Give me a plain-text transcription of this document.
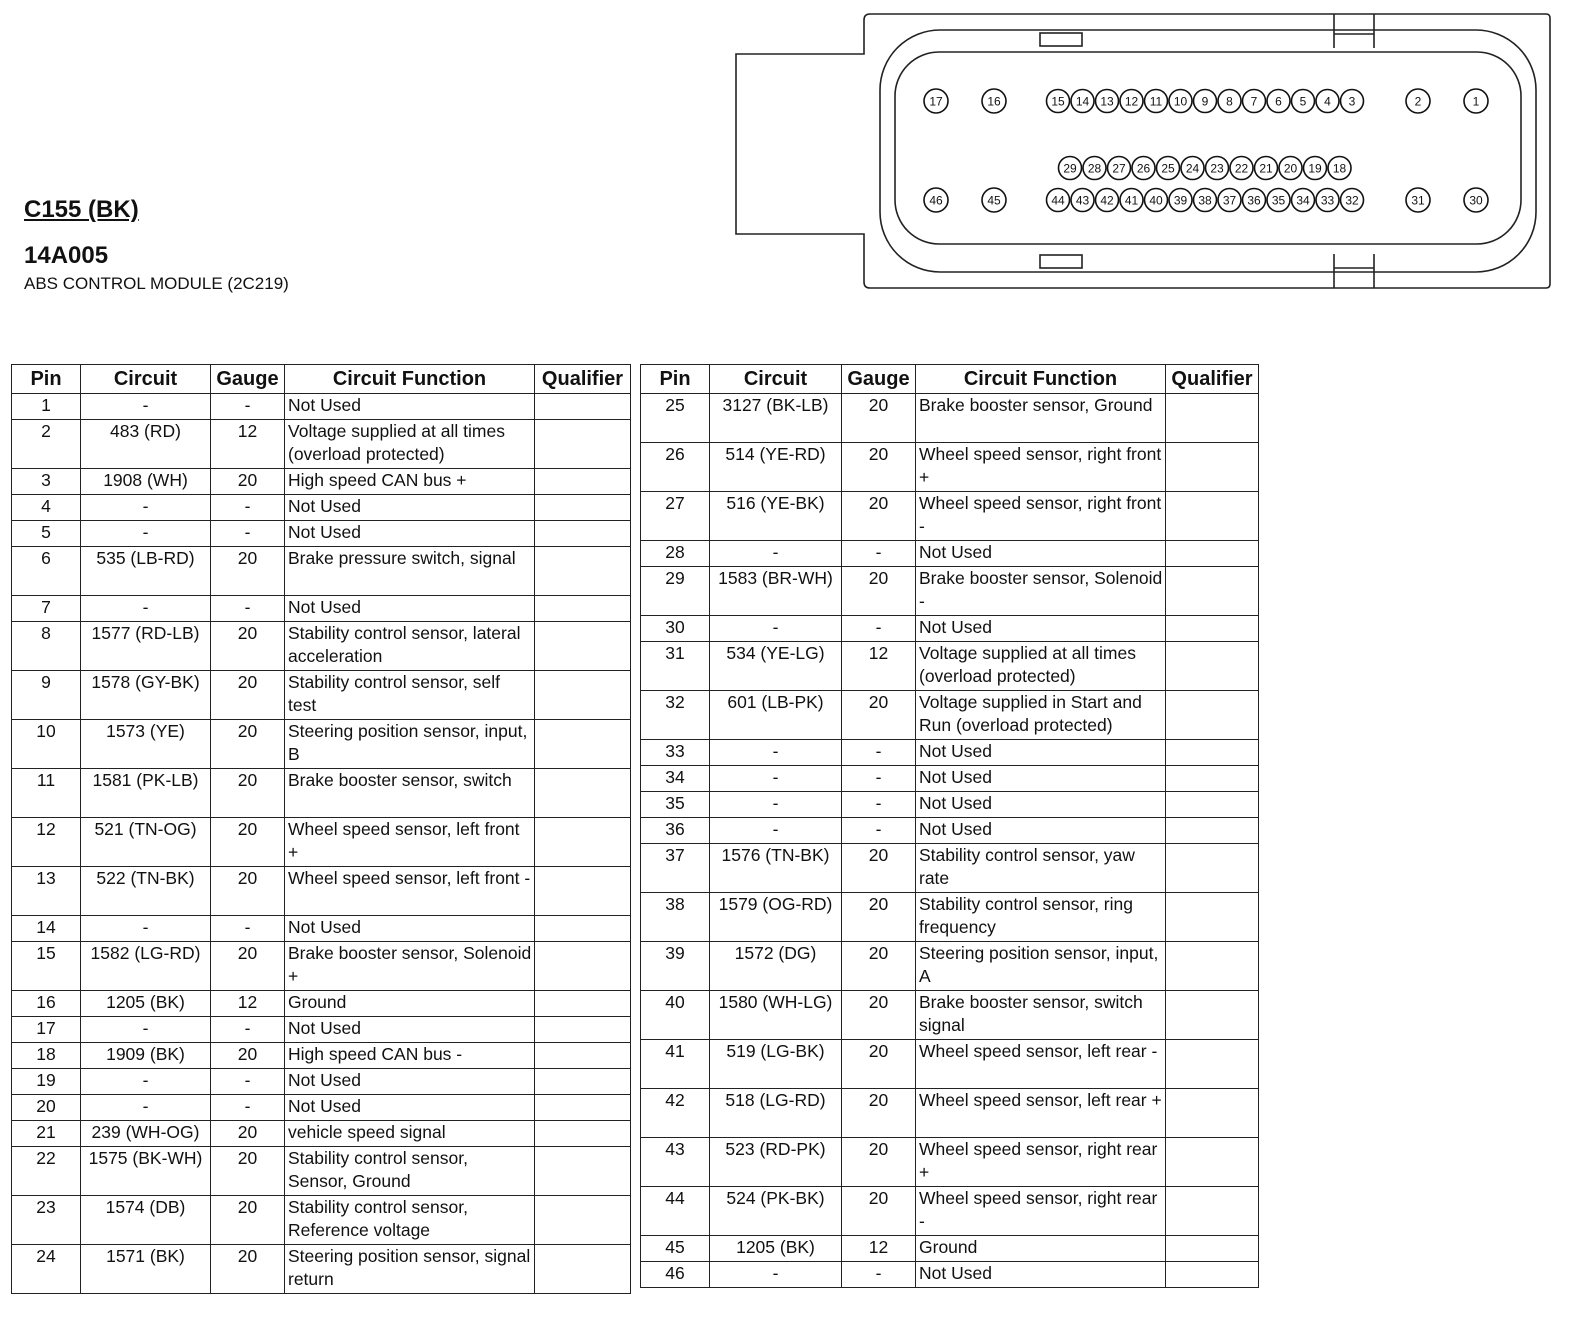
C155 (BK)
14A005
ABS CONTROL MODULE (2C219)
17	16	15 14 13 12 11 10 9 8 7 6 5 4 3	2	1
46	45	44 43 42 41 40 39 38 37 36 35 34 33 32	31	30
29 28 27 26 25 24 23 22 21 20 19 18
Pin	Circuit	Gauge	Circuit Function	Qualifier
1	-	-	Not Used	
2	483 (RD)	12	Voltage supplied at all times (overload protected)	
3	1908 (WH)	20	High speed CAN bus +	
4	-	-	Not Used	
5	-	-	Not Used	
6	535 (LB-RD)	20	Brake pressure switch, signal	
7	-	-	Not Used	
8	1577 (RD-LB)	20	Stability control sensor, lateral acceleration	
9	1578 (GY-BK)	20	Stability control sensor, self test	
10	1573 (YE)	20	Steering position sensor, input, B	
11	1581 (PK-LB)	20	Brake booster sensor, switch	
12	521 (TN-OG)	20	Wheel speed sensor, left front +	
13	522 (TN-BK)	20	Wheel speed sensor, left front -	
14	-	-	Not Used	
15	1582 (LG-RD)	20	Brake booster sensor, Solenoid +	
16	1205 (BK)	12	Ground	
17	-	-	Not Used	
18	1909 (BK)	20	High speed CAN bus -	
19	-	-	Not Used	
20	-	-	Not Used	
21	239 (WH-OG)	20	vehicle speed signal	
22	1575 (BK-WH)	20	Stability control sensor, Sensor, Ground	
23	1574 (DB)	20	Stability control sensor, Reference voltage	
24	1571 (BK)	20	Steering position sensor, signal return	
Pin	Circuit	Gauge	Circuit Function	Qualifier
25	3127 (BK-LB)	20	Brake booster sensor, Ground	
26	514 (YE-RD)	20	Wheel speed sensor, right front +	
27	516 (YE-BK)	20	Wheel speed sensor, right front -	
28	-	-	Not Used	
29	1583 (BR-WH)	20	Brake booster sensor, Solenoid -	
30	-	-	Not Used	
31	534 (YE-LG)	12	Voltage supplied at all times (overload protected)	
32	601 (LB-PK)	20	Voltage supplied in Start and Run (overload protected)	
33	-	-	Not Used	
34	-	-	Not Used	
35	-	-	Not Used	
36	-	-	Not Used	
37	1576 (TN-BK)	20	Stability control sensor, yaw rate	
38	1579 (OG-RD)	20	Stability control sensor, ring frequency	
39	1572 (DG)	20	Steering position sensor, input, A	
40	1580 (WH-LG)	20	Brake booster sensor, switch signal	
41	519 (LG-BK)	20	Wheel speed sensor, left rear -	
42	518 (LG-RD)	20	Wheel speed sensor, left rear +	
43	523 (RD-PK)	20	Wheel speed sensor, right rear +	
44	524 (PK-BK)	20	Wheel speed sensor, right rear -	
45	1205 (BK)	12	Ground	
46	-	-	Not Used	
